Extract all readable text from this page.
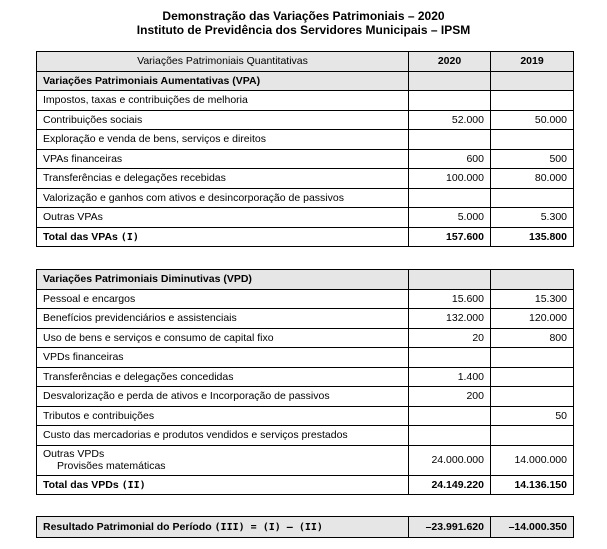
Demonstração das Variações Patrimoniais – 2020
Instituto de Previdência dos Servidores Municipais – IPSM
Variações Patrimoniais Quantitativas	2020	2019
Variações Patrimoniais Aumentativas (VPA)		
Impostos, taxas e contribuições de melhoria		
Contribuições sociais	52.000	50.000
Exploração e venda de bens, serviços e direitos		
VPAs financeiras	600	500
Transferências e delegações recebidas	100.000	80.000
Valorização e ganhos com ativos e desincorporação de passivos		
Outras VPAs	5.000	5.300
Total das VPAs (I)	157.600	135.800
Variações Patrimoniais Diminutivas (VPD)		
Pessoal e encargos	15.600	15.300
Benefícios previdenciários e assistenciais	132.000	120.000
Uso de bens e serviços e consumo de capital fixo	20	800
VPDs financeiras		
Transferências e delegações concedidas	1.400	
Desvalorização e perda de ativos e Incorporação de passivos	200	
Tributos e contribuições		50
Custo das mercadorias e produtos vendidos e serviços prestados		

Outras VPDs
Provisões matemáticas	24.000.000	14.000.000
Total das VPDs (II)	24.149.220	14.136.150
Resultado Patrimonial do Período (III) = (I) – (II)	–23.991.620	–14.000.350
